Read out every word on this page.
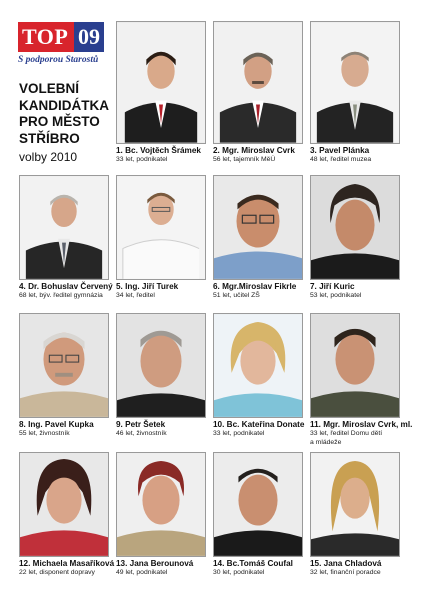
TOP 09
S podporou Starostů
VOLEBNÍ
KANDIDÁTKA
PRO MĚSTO
STŘÍBRO
volby 2010	1. Bc. Vojtěch Šrámek
33 let, podnikatel
2. Mgr. Miroslav Cvrk
56 let, tajemník MěÚ
3. Pavel Plánka
48 let, ředitel muzea
4. Dr. Bohuslav Červený
68 let, býv. ředitel gymnázia
5. Ing. Jiří Turek
34 let, ředitel
6. Mgr.Miroslav Fikrle
51 let, učitel ZŠ
7. Jiří Kuric
53 let, podnikatel
8. Ing. Pavel Kupka
55 let, živnostník
9. Petr Šetek
46 let, živnostník
10. Bc. Kateřina Donate
33 let, podnikatel
11. Mgr. Miroslav Cvrk, ml.
33 let, ředitel Domu dětí
a mládeže
12. Michaela Masaříková
22 let, disponent dopravy
13. Jana Berounová
49 let, podnikatel
14. Bc.Tomáš Coufal
30 let, podnikatel
15. Jana Chladová
32 let, finanční poradce
